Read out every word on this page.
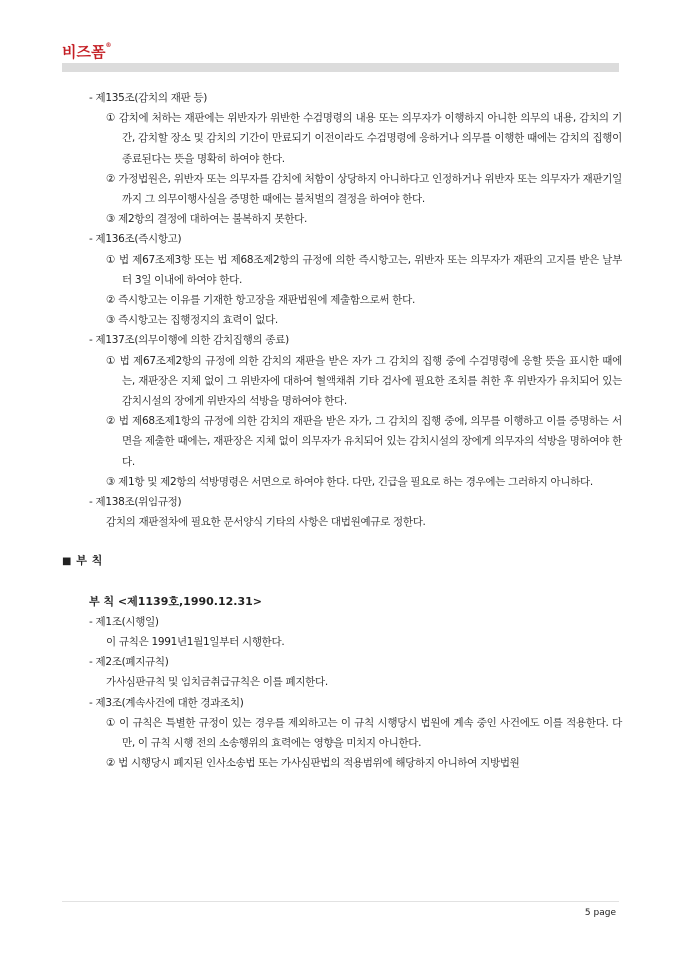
비즈폼®
- 제135조(감치의 재판 등)
① 감치에 처하는 재판에는 위반자가 위반한 수검명령의 내용 또는 의무자가 이행하지 아니한 의무의 내용, 감치의 기간, 감치할 장소 및 감치의 기간이 만료되기 이전이라도 수검명령에 응하거나 의무를 이행한 때에는 감치의 집행이 종료된다는 뜻을 명확히 하여야 한다.
② 가정법원은, 위반자 또는 의무자를 감치에 처함이 상당하지 아니하다고 인정하거나 위반자 또는 의무자가 재판기일까지 그 의무이행사실을 증명한 때에는 불처벌의 결정을 하여야 한다.
③ 제2항의 결정에 대하여는 불복하지 못한다.
- 제136조(즉시항고)
① 법 제67조제3항 또는 법 제68조제2항의 규정에 의한 즉시항고는, 위반자 또는 의무자가 재판의 고지를 받은 날부터 3일 이내에 하여야 한다.
② 즉시항고는 이유를 기재한 항고장을 재판법원에 제출함으로써 한다.
③ 즉시항고는 집행정지의 효력이 없다.
- 제137조(의무이행에 의한 감치집행의 종료)
① 법 제67조제2항의 규정에 의한 감치의 재판을 받은 자가 그 감치의 집행 중에 수검명령에 응할 뜻을 표시한 때에는, 재판장은 지체 없이 그 위반자에 대하여 혈액채취 기타 검사에 필요한 조치를 취한 후 위반자가 유치되어 있는 감치시설의 장에게 위반자의 석방을 명하여야 한다.
② 법 제68조제1항의 규정에 의한 감치의 재판을 받은 자가, 그 감치의 집행 중에, 의무를 이행하고 이를 증명하는 서면을 제출한 때에는, 재판장은 지체 없이 의무자가 유치되어 있는 감치시설의 장에게 의무자의 석방을 명하여야 한다.
③ 제1항 및 제2항의 석방명령은 서면으로 하여야 한다. 다만, 긴급을 필요로 하는 경우에는 그러하지 아니하다.
- 제138조(위임규정)
감치의 재판절차에 필요한 문서양식 기타의 사항은 대법원예규로 정한다.
■ 부 칙
부 칙 <제1139호,1990.12.31>
- 제1조(시행일)
이 규칙은 1991년1월1일부터 시행한다.
- 제2조(폐지규칙)
가사심판규칙 및 임치금취급규칙은 이를 폐지한다.
- 제3조(계속사건에 대한 경과조치)
① 이 규칙은 특별한 규정이 있는 경우를 제외하고는 이 규칙 시행당시 법원에 계속 중인 사건에도 이를 적용한다. 다만, 이 규칙 시행 전의 소송행위의 효력에는 영향을 미치지 아니한다.
② 법 시행당시 폐지된 인사소송법 또는 가사심판법의 적용범위에 해당하지 아니하여 지방법원
5 page
